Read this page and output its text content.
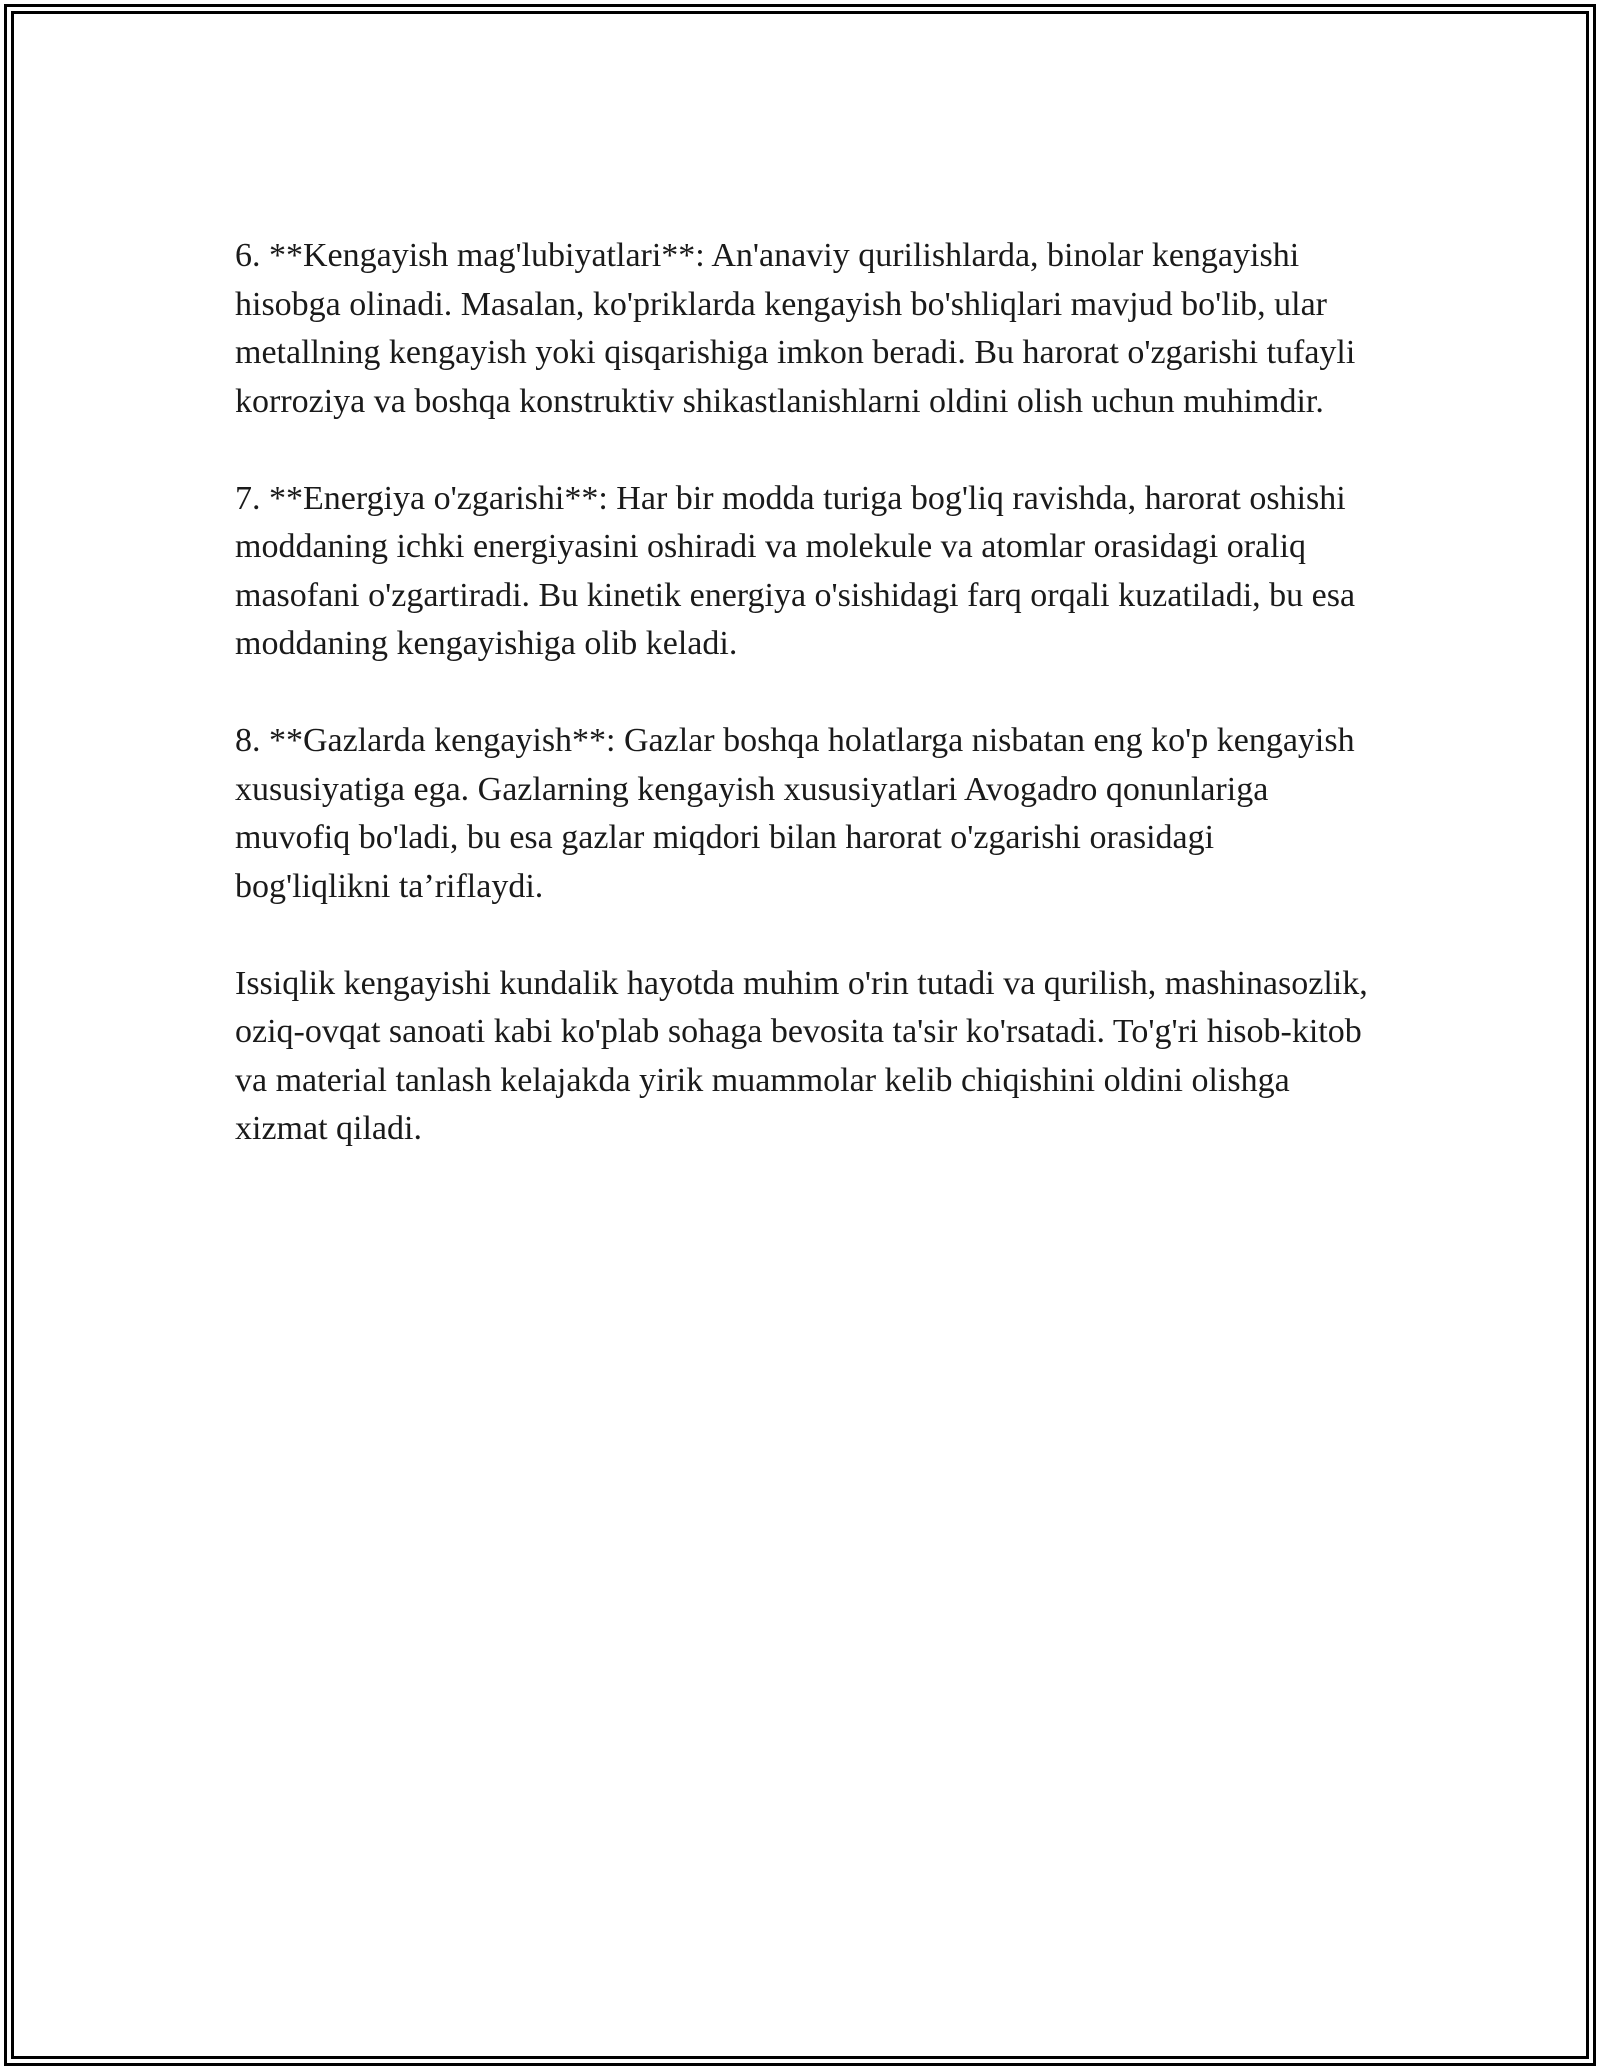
6. **Kengayish mag'lubiyatlari**: An'anaviy qurilishlarda, binolar kengayishi hisobga olinadi. Masalan, ko'priklarda kengayish bo'shliqlari mavjud bo'lib, ular metallning kengayish yoki qisqarishiga imkon beradi. Bu harorat o'zgarishi tufayli korroziya va boshqa konstruktiv shikastlanishlarni oldini olish uchun muhimdir.

7. **Energiya o'zgarishi**: Har bir modda turiga bog'liq ravishda, harorat oshishi moddaning ichki energiyasini oshiradi va molekule va atomlar orasidagi oraliq masofani o'zgartiradi. Bu kinetik energiya o'sishidagi farq orqali kuzatiladi, bu esa moddaning kengayishiga olib keladi.

8. **Gazlarda kengayish**: Gazlar boshqa holatlarga nisbatan eng ko'p kengayish xususiyatiga ega. Gazlarning kengayish xususiyatlari Avogadro qonunlariga muvofiq bo'ladi, bu esa gazlar miqdori bilan harorat o'zgarishi orasidagi bog'liqlikni ta’riflaydi.

Issiqlik kengayishi kundalik hayotda muhim o'rin tutadi va qurilish, mashinasozlik, oziq-ovqat sanoati kabi ko'plab sohaga bevosita ta'sir ko'rsatadi. To'g'ri hisob-kitob va material tanlash kelajakda yirik muammolar kelib chiqishini oldini olishga xizmat qiladi.
